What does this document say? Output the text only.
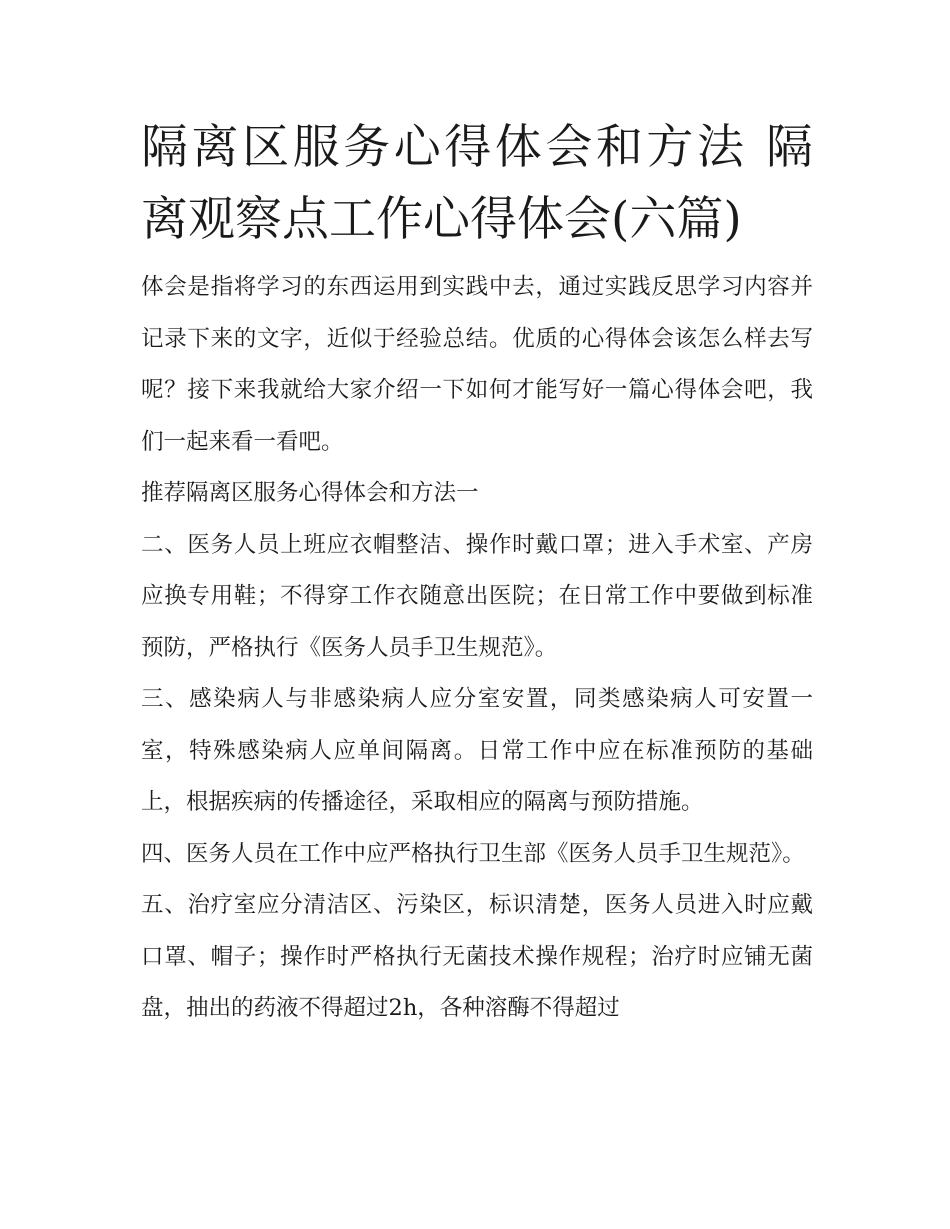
隔离区服务心得体会和方法 隔离观察点工作心得体会(六篇)

体会是指将学习的东西运用到实践中去，通过实践反思学习内容并记录下来的文字，近似于经验总结。优质的心得体会该怎么样去写呢？接下来我就给大家介绍一下如何才能写好一篇心得体会吧，我们一起来看一看吧。

推荐隔离区服务心得体会和方法一

二、医务人员上班应衣帽整洁、操作时戴口罩；进入手术室、产房应换专用鞋；不得穿工作衣随意出医院；在日常工作中要做到标准预防，严格执行《医务人员手卫生规范》。

三、感染病人与非感染病人应分室安置，同类感染病人可安置一室，特殊感染病人应单间隔离。日常工作中应在标准预防的基础上，根据疾病的传播途径，采取相应的隔离与预防措施。

四、医务人员在工作中应严格执行卫生部《医务人员手卫生规范》。

五、治疗室应分清洁区、污染区，标识清楚，医务人员进入时应戴口罩、帽子；操作时严格执行无菌技术操作规程；治疗时应铺无菌盘，抽出的药液不得超过2h，各种溶酶不得超过
